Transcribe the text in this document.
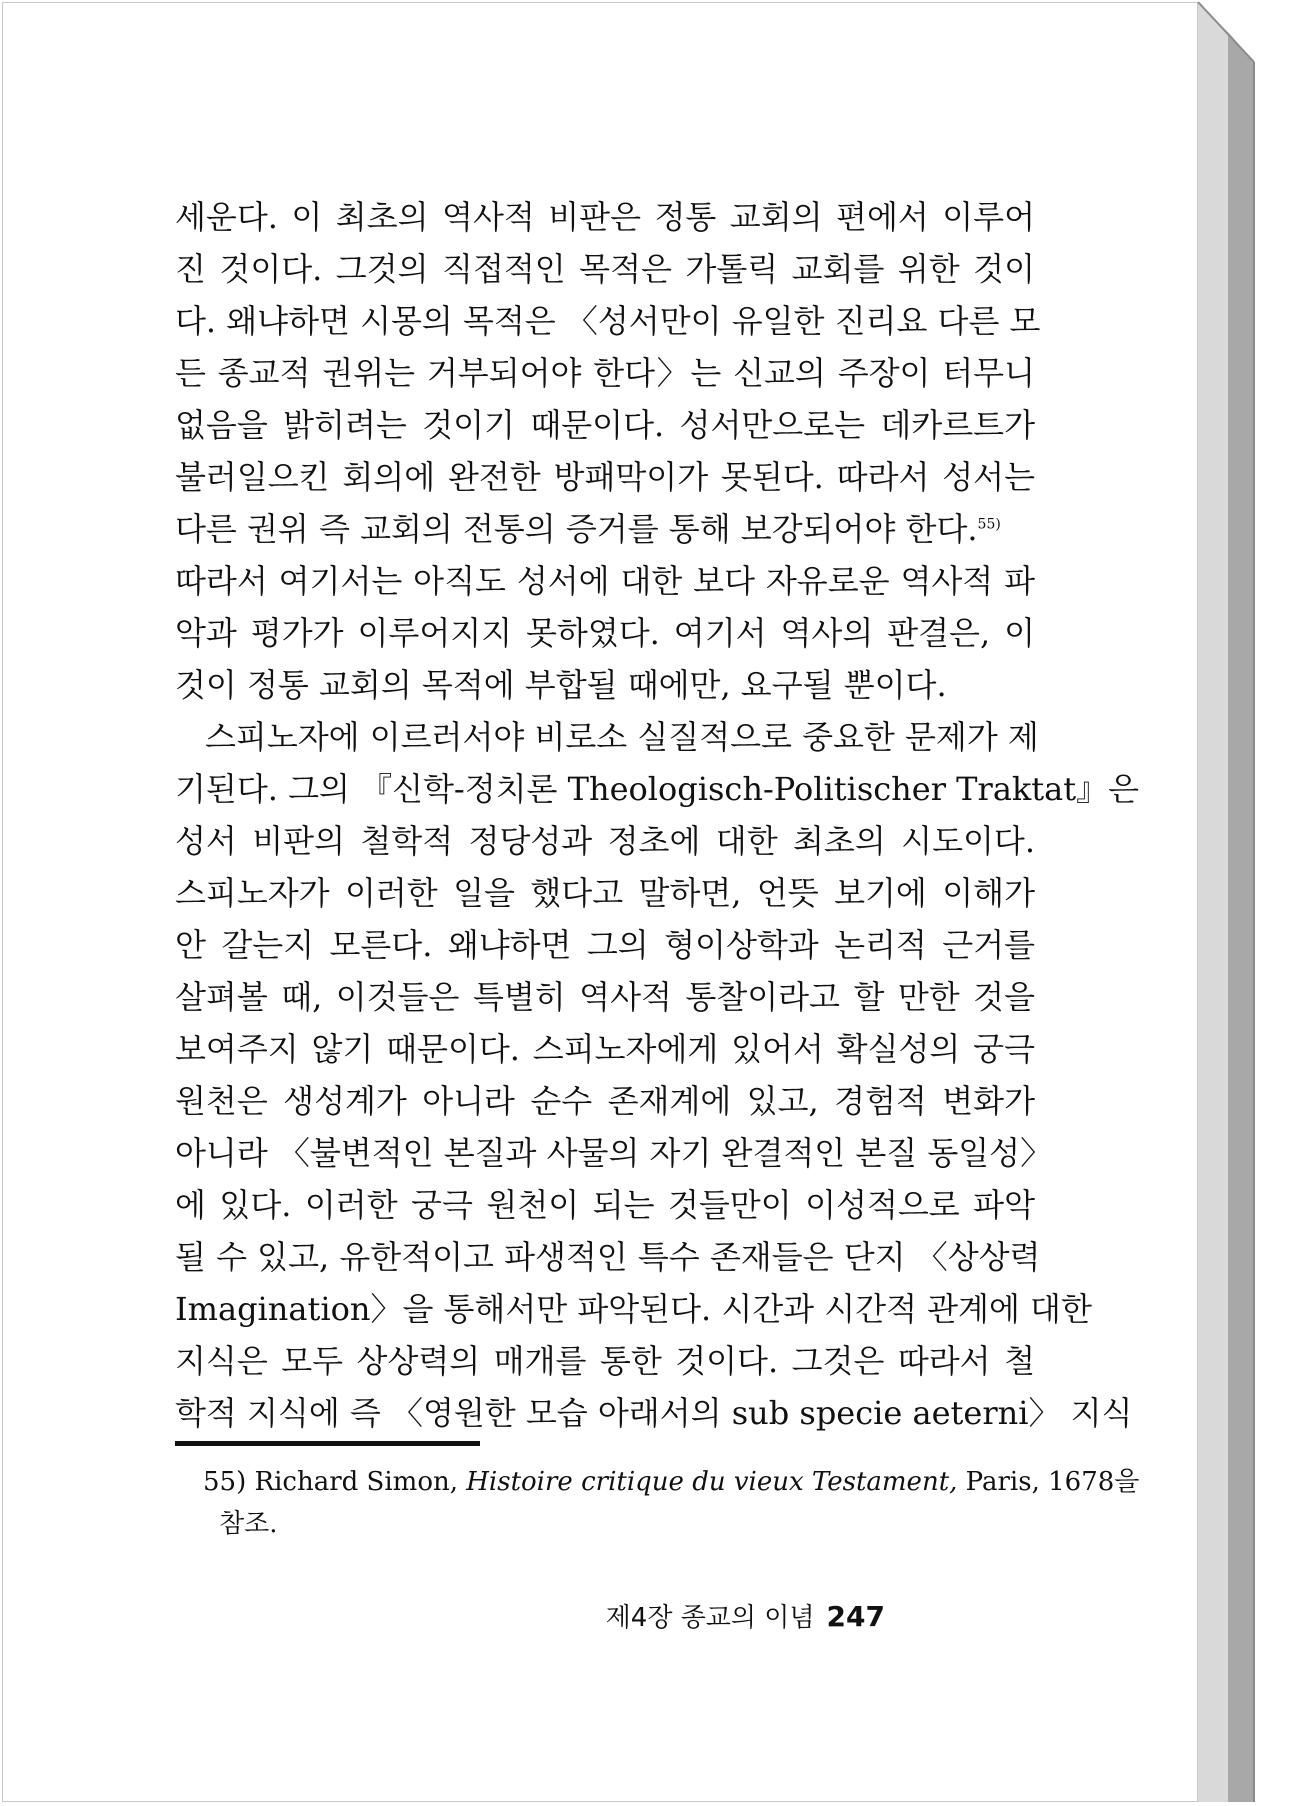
세운다. 이 최초의 역사적 비판은 정통 교회의 편에서 이루어
진 것이다. 그것의 직접적인 목적은 가톨릭 교회를 위한 것이
다. 왜냐하면 시몽의 목적은 〈성서만이 유일한 진리요 다른 모
든 종교적 권위는 거부되어야 한다〉는 신교의 주장이 터무니
없음을 밝히려는 것이기 때문이다. 성서만으로는 데카르트가
불러일으킨 회의에 완전한 방패막이가 못된다. 따라서 성서는
다른 권위 즉 교회의 전통의 증거를 통해 보강되어야 한다.$^{55)}$
따라서 여기서는 아직도 성서에 대한 보다 자유로운 역사적 파
악과 평가가 이루어지지 못하였다. 여기서 역사의 판결은, 이
것이 정통 교회의 목적에 부합될 때에만, 요구될 뿐이다.
스피노자에 이르러서야 비로소 실질적으로 중요한 문제가 제
기된다. 그의 『신학-정치론 Theologisch-Politischer Traktat』은
성서 비판의 철학적 정당성과 정초에 대한 최초의 시도이다.
스피노자가 이러한 일을 했다고 말하면, 언뜻 보기에 이해가
안 갈는지 모른다. 왜냐하면 그의 형이상학과 논리적 근거를
살펴볼 때, 이것들은 특별히 역사적 통찰이라고 할 만한 것을
보여주지 않기 때문이다. 스피노자에게 있어서 확실성의 궁극
원천은 생성계가 아니라 순수 존재계에 있고, 경험적 변화가
아니라 〈불변적인 본질과 사물의 자기 완결적인 본질 동일성〉
에 있다. 이러한 궁극 원천이 되는 것들만이 이성적으로 파악
될 수 있고, 유한적이고 파생적인 특수 존재들은 단지 〈상상력
Imagination〉을 통해서만 파악된다. 시간과 시간적 관계에 대한
지식은 모두 상상력의 매개를 통한 것이다. 그것은 따라서 철
학적 지식에 즉 〈영원한 모습 아래서의 sub specie aeterni〉 지식
55) Richard Simon, Histoire critique du vieux Testament, Paris, 1678을
참조.
제4장 종교의 이념 247
